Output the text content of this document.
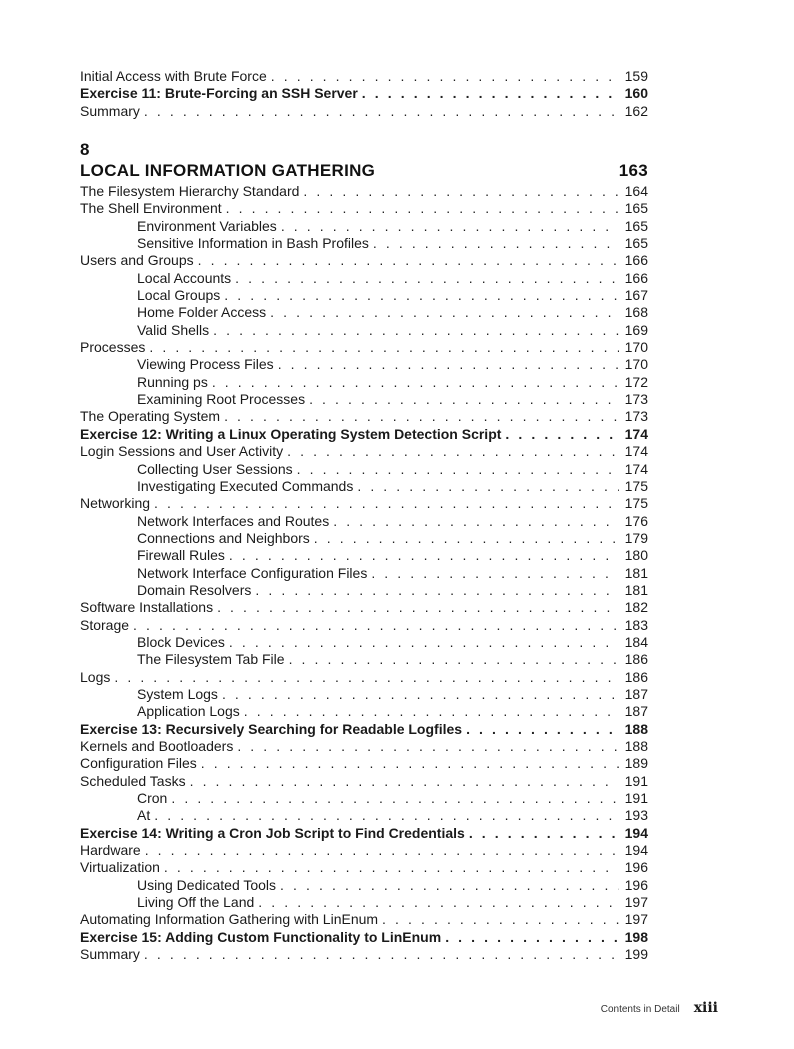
Initial Access with Brute Force . . .	159
Exercise 11: Brute-Forcing an SSH Server . . .	160
Summary . . .	162
8
LOCAL INFORMATION GATHERING	163
The Filesystem Hierarchy Standard . . .	164
The Shell Environment . . .	165
Environment Variables . . .	165
Sensitive Information in Bash Profiles . . .	165
Users and Groups . . .	166
Local Accounts . . .	166
Local Groups . . .	167
Home Folder Access . . .	168
Valid Shells . . .	169
Processes . . .	170
Viewing Process Files . . .	170
Running ps . . .	172
Examining Root Processes . . .	173
The Operating System . . .	173
Exercise 12: Writing a Linux Operating System Detection Script . . .	174
Login Sessions and User Activity . . .	174
Collecting User Sessions . . .	174
Investigating Executed Commands . . .	175
Networking . . .	175
Network Interfaces and Routes . . .	176
Connections and Neighbors . . .	179
Firewall Rules . . .	180
Network Interface Configuration Files . . .	181
Domain Resolvers . . .	181
Software Installations . . .	182
Storage . . .	183
Block Devices . . .	184
The Filesystem Tab File . . .	186
Logs . . .	186
System Logs . . .	187
Application Logs . . .	187
Exercise 13: Recursively Searching for Readable Logfiles . . .	188
Kernels and Bootloaders . . .	188
Configuration Files . . .	189
Scheduled Tasks . . .	191
Cron . . .	191
At . . .	193
Exercise 14: Writing a Cron Job Script to Find Credentials . . .	194
Hardware . . .	194
Virtualization . . .	196
Using Dedicated Tools . . .	196
Living Off the Land . . .	197
Automating Information Gathering with LinEnum . . .	197
Exercise 15: Adding Custom Functionality to LinEnum . . .	198
Summary . . .	199
Contents in Detail xiii
